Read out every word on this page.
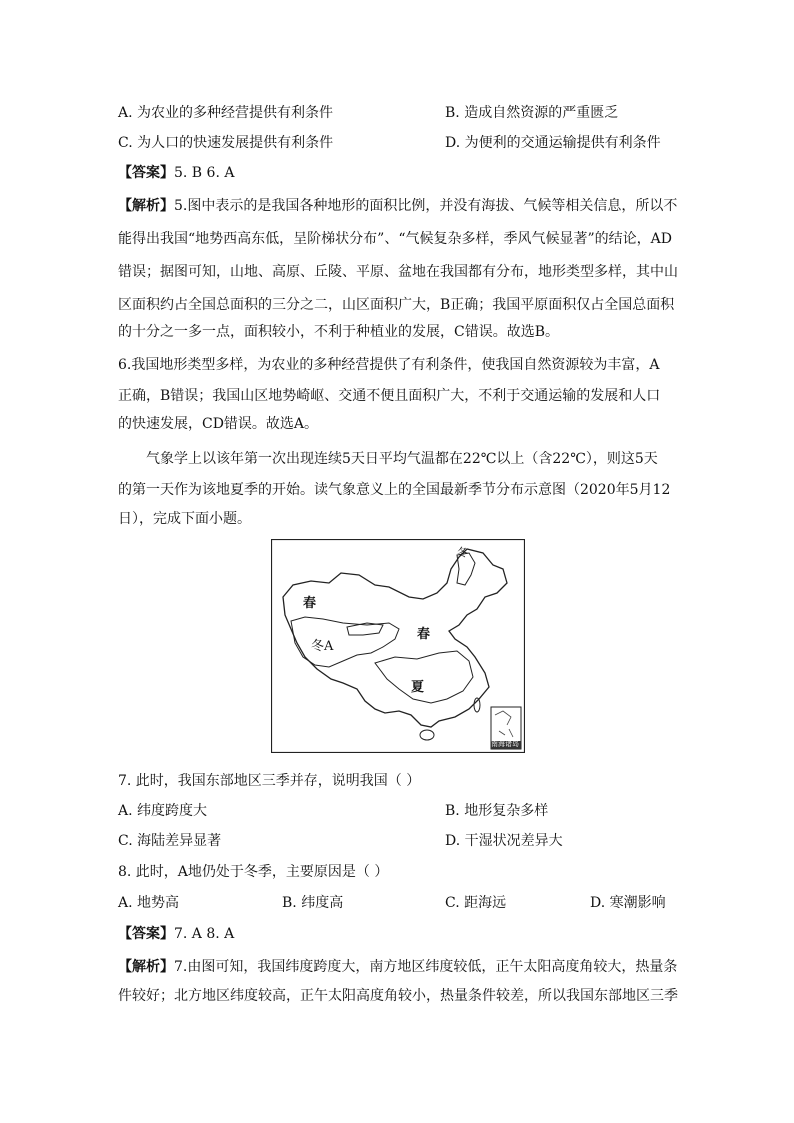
A. 为农业的多种经营提供有利条件	B. 造成自然资源的严重匮乏
C. 为人口的快速发展提供有利条件	D. 为便利的交通运输提供有利条件
【答案】5. B 6. A
【解析】5.图中表示的是我国各种地形的面积比例，并没有海拔、气候等相关信息，所以不
能得出我国“地势西高东低，呈阶梯状分布”、“气候复杂多样，季风气候显著”的结论，AD
错误；据图可知，山地、高原、丘陵、平原、盆地在我国都有分布，地形类型多样，其中山
区面积约占全国总面积的三分之二，山区面积广大，B正确；我国平原面积仅占全国总面积
的十分之一多一点，面积较小，不利于种植业的发展，C错误。故选B。
6.我国地形类型多样，为农业的多种经营提供了有利条件，使我国自然资源较为丰富，A
正确，B错误；我国山区地势崎岖、交通不便且面积广大，不利于交通运输的发展和人口
的快速发展，CD错误。故选A。
气象学上以该年第一次出现连续5天日平均气温都在22℃以上（含22℃），则这5天
的第一天作为该地夏季的开始。读气象意义上的全国最新季节分布示意图（2020年5月12
日），完成下面小题。
春
冬A
春
夏
冬
南海诸岛
7. 此时，我国东部地区三季并存，说明我国（ ）
A. 纬度跨度大	B. 地形复杂多样
C. 海陆差异显著	D. 干湿状况差异大
8. 此时，A地仍处于冬季，主要原因是（ ）
A. 地势高	B. 纬度高	C. 距海远	D. 寒潮影响
【答案】7. A 8. A
【解析】7.由图可知，我国纬度跨度大，南方地区纬度较低，正午太阳高度角较大，热量条
件较好；北方地区纬度较高，正午太阳高度角较小，热量条件较差，所以我国东部地区三季
